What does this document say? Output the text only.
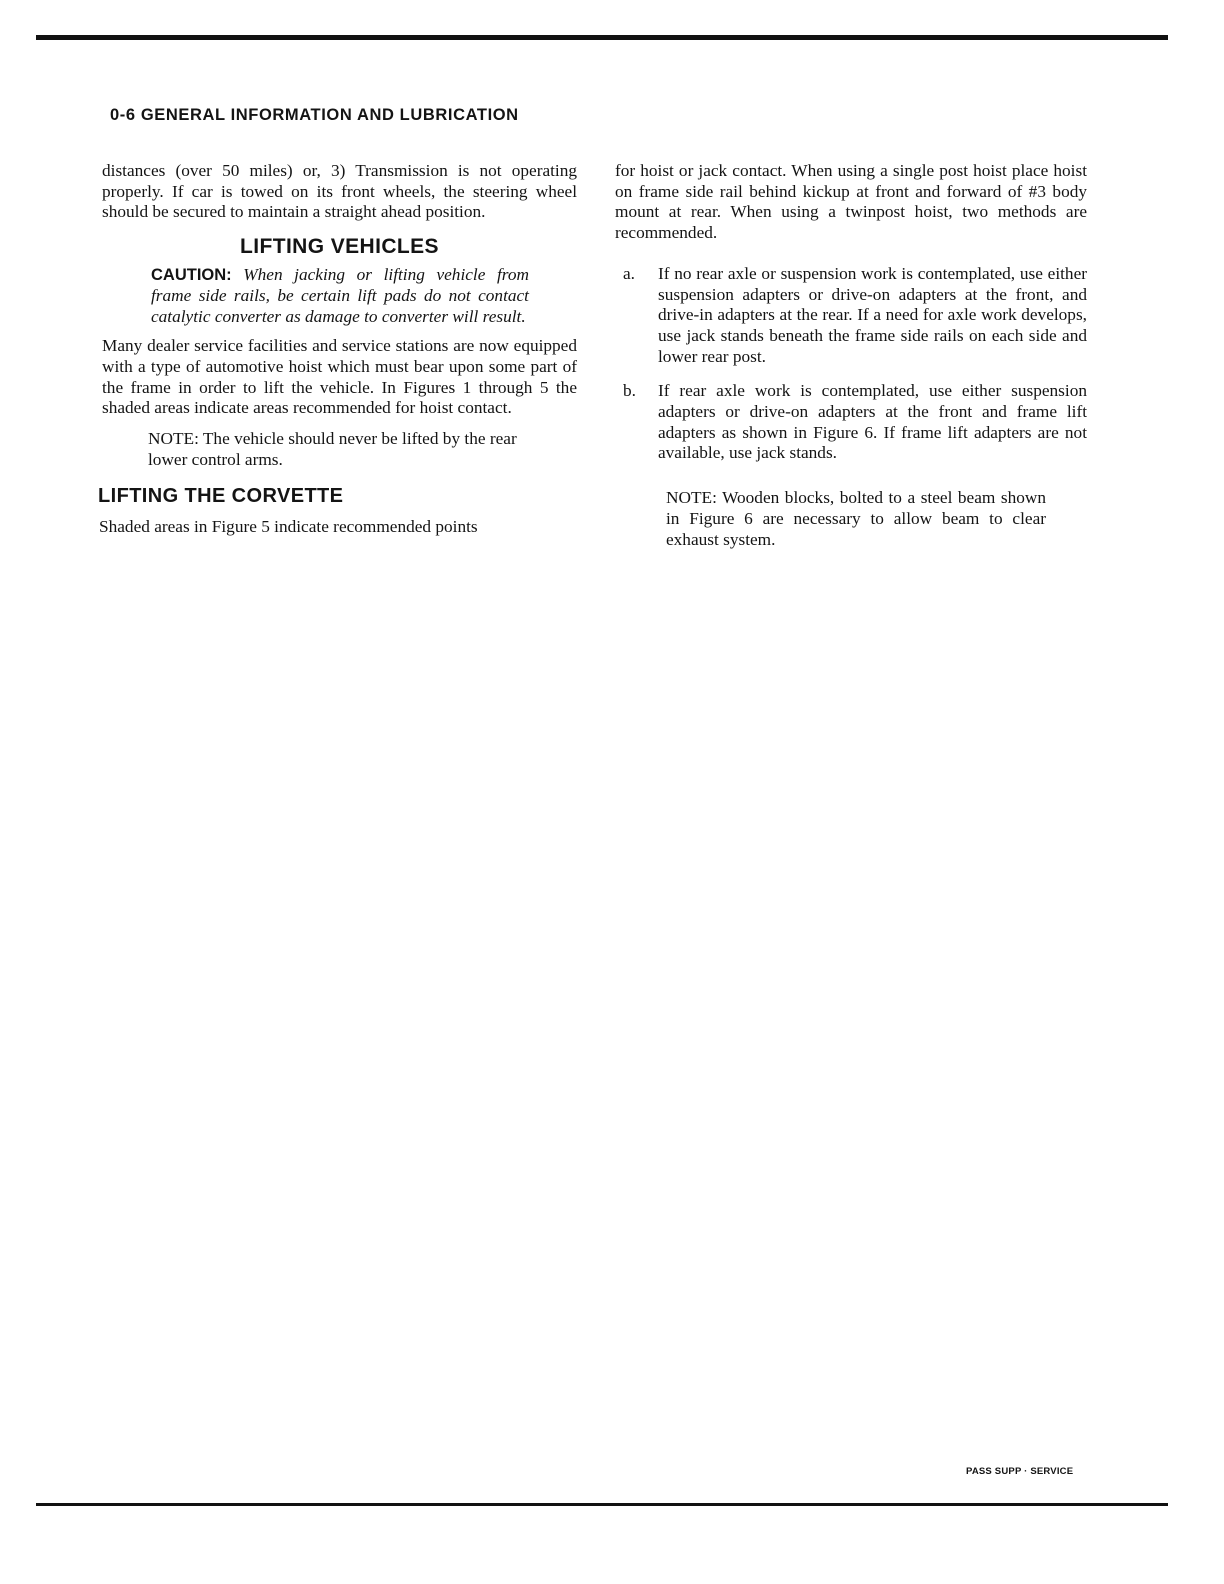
0-6 GENERAL INFORMATION AND LUBRICATION

distances (over 50 miles) or, 3) Transmission is not operating properly. If car is towed on its front wheels, the steering wheel should be secured to maintain a straight ahead position.

LIFTING VEHICLES
CAUTION: When jacking or lifting vehicle from frame side rails, be certain lift pads do not contact catalytic converter as damage to converter will result.

Many dealer service facilities and service stations are now equipped with a type of automotive hoist which must bear upon some part of the frame in order to lift the vehicle. In Figures 1 through 5 the shaded areas indicate areas recommended for hoist contact.

NOTE: The vehicle should never be lifted by the rear lower control arms.
LIFTING THE CORVETTE

Shaded areas in Figure 5 indicate recommended points

for hoist or jack contact. When using a single post hoist place hoist on frame side rail behind kickup at front and forward of #3 body mount at rear. When using a twinpost hoist, two methods are recommended.

a. If no rear axle or suspension work is contemplated, use either suspension adapters or drive-on adapters at the front, and drive-in adapters at the rear. If a need for axle work develops, use jack stands beneath the frame side rails on each side and lower rear post.
b. If rear axle work is contemplated, use either suspension adapters or drive-on adapters at the front and frame lift adapters as shown in Figure 6. If frame lift adapters are not available, use jack stands.
NOTE: Wooden blocks, bolted to a steel beam shown in Figure 6 are necessary to allow beam to clear exhaust system.
PASS SUPP · SERVICE
